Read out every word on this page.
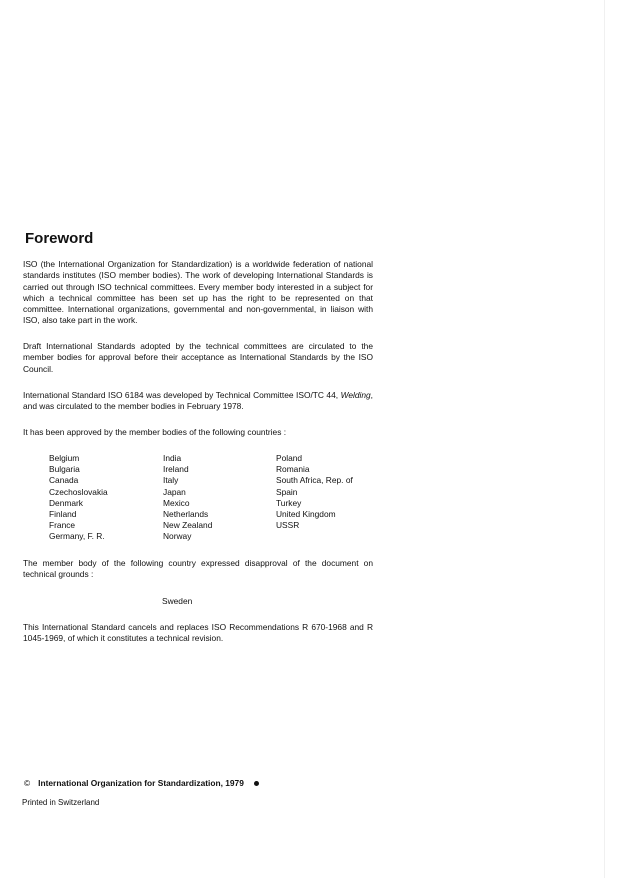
Foreword

ISO (the International Organization for Standardization) is a worldwide federation of national standards institutes (ISO member bodies). The work of developing International Standards is carried out through ISO technical committees. Every member body interested in a subject for which a technical committee has been set up has the right to be represented on that committee. International organizations, governmental and non-governmental, in liaison with ISO, also take part in the work.

Draft International Standards adopted by the technical committees are circulated to the member bodies for approval before their acceptance as International Standards by the ISO Council.

International Standard ISO 6184 was developed by Technical Committee ISO/TC 44, Welding, and was circulated to the member bodies in February 1978.

It has been approved by the member bodies of the following countries :

Belgium
Bulgaria
Canada
Czechoslovakia
Denmark
Finland
France
Germany, F. R.
India
Ireland
Italy
Japan
Mexico
Netherlands
New Zealand
Norway
Poland
Romania
South Africa, Rep. of
Spain
Turkey
United Kingdom
USSR

The member body of the following country expressed disapproval of the document on technical grounds :

Sweden

This International Standard cancels and replaces ISO Recommendations R 670-1968 and R 1045-1969, of which it constitutes a technical revision.

© International Organization for Standardization, 1979
Printed in Switzerland
